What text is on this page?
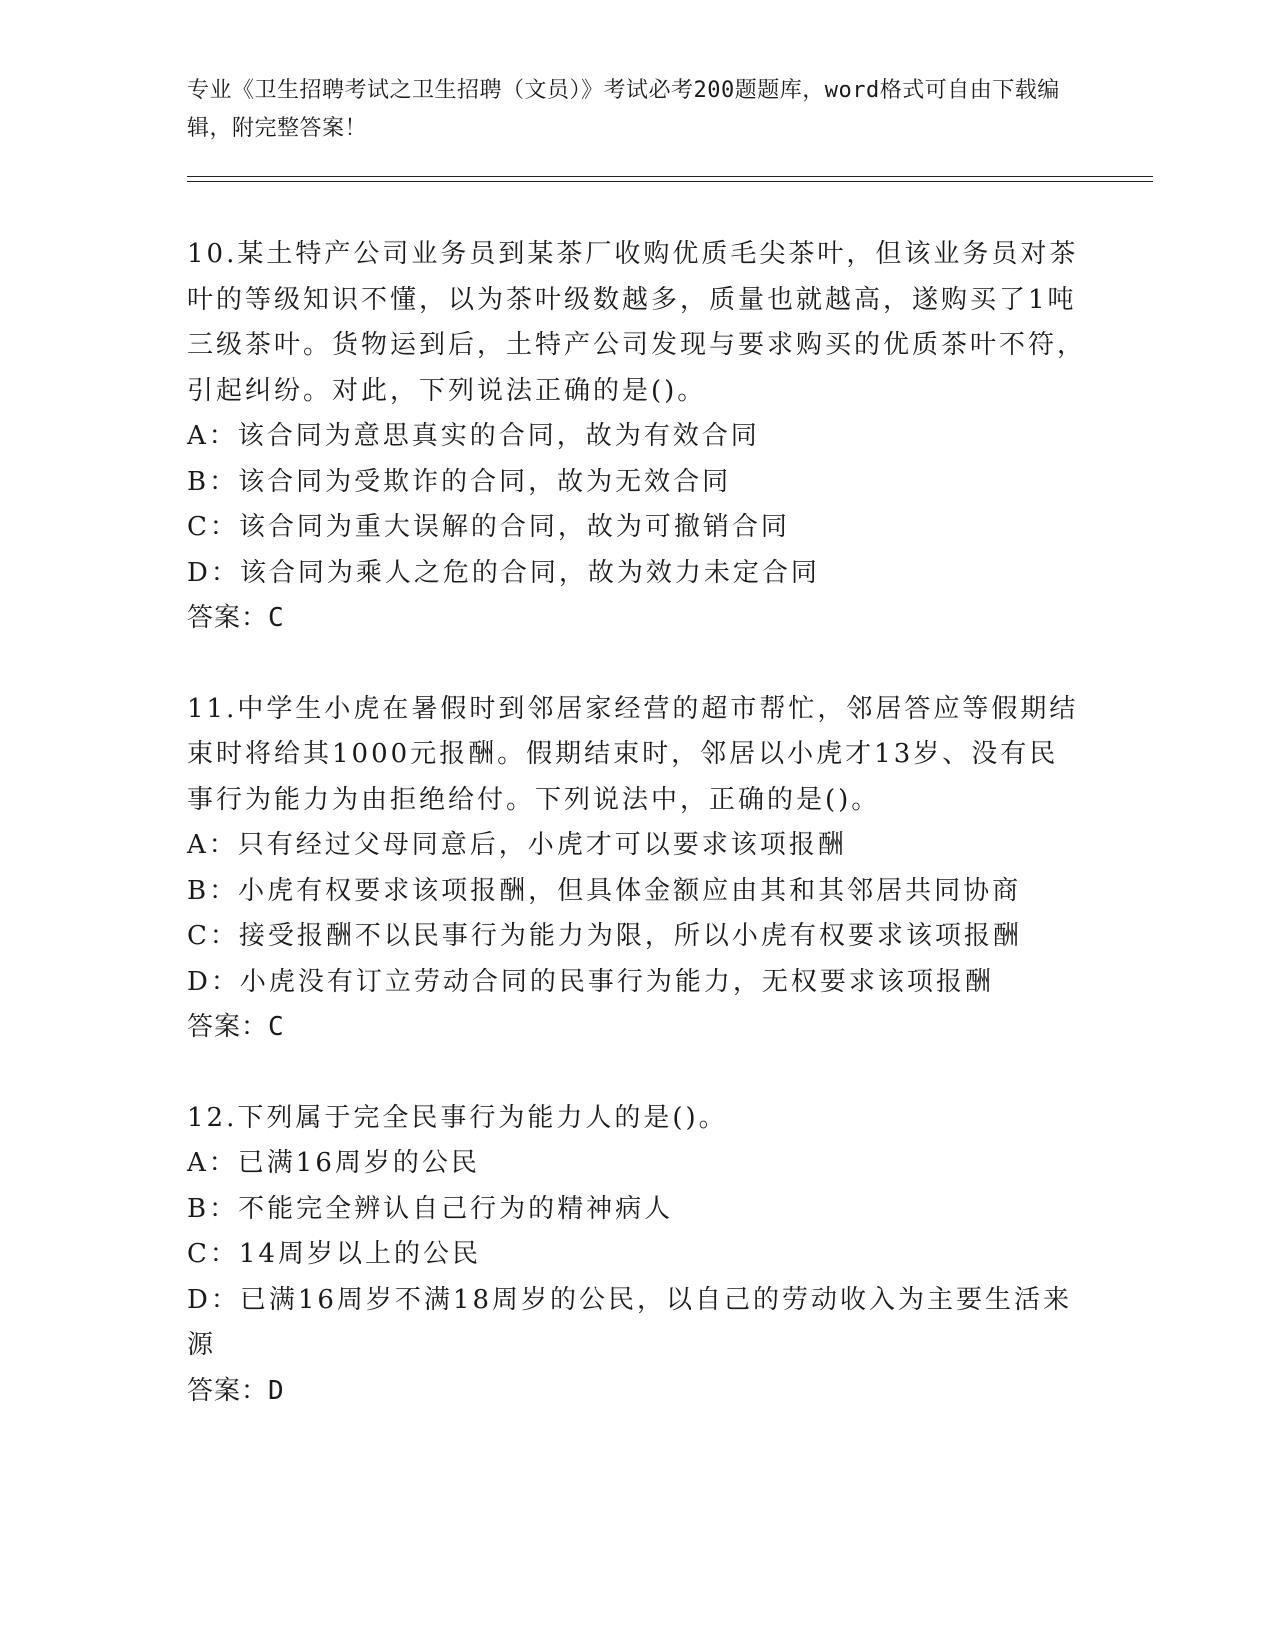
专业《卫生招聘考试之卫生招聘（文员）》考试必考200题题库，word格式可自由下载编辑，附完整答案！
10.某土特产公司业务员到某茶厂收购优质毛尖茶叶，但该业务员对茶叶的等级知识不懂，以为茶叶级数越多，质量也就越高，遂购买了1吨三级茶叶。货物运到后，土特产公司发现与要求购买的优质茶叶不符，引起纠纷。对此，下列说法正确的是()。
A：该合同为意思真实的合同，故为有效合同
B：该合同为受欺诈的合同，故为无效合同
C：该合同为重大误解的合同，故为可撤销合同
D：该合同为乘人之危的合同，故为效力未定合同
答案：C
11.中学生小虎在暑假时到邻居家经营的超市帮忙，邻居答应等假期结束时将给其1000元报酬。假期结束时，邻居以小虎才13岁、没有民事行为能力为由拒绝给付。下列说法中，正确的是()。
A：只有经过父母同意后，小虎才可以要求该项报酬
B：小虎有权要求该项报酬，但具体金额应由其和其邻居共同协商
C：接受报酬不以民事行为能力为限，所以小虎有权要求该项报酬
D：小虎没有订立劳动合同的民事行为能力，无权要求该项报酬
答案：C
12.下列属于完全民事行为能力人的是()。
A：已满16周岁的公民
B：不能完全辨认自己行为的精神病人
C：14周岁以上的公民
D：已满16周岁不满18周岁的公民，以自己的劳动收入为主要生活来源
答案：D
